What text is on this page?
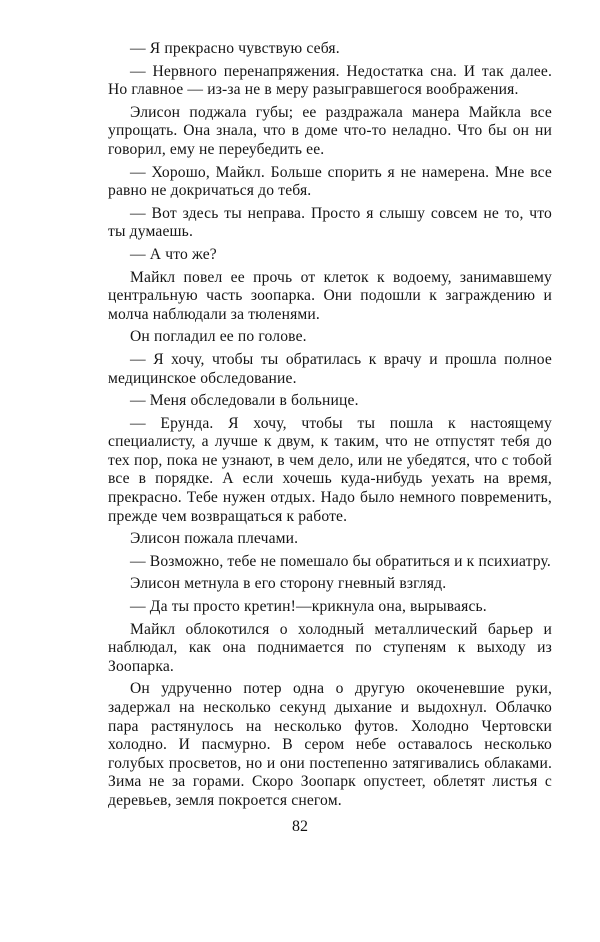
— Я прекрасно чувствую себя.

— Нервного перенапряжения. Недостатка сна. И так далее. Но главное — из-за не в меру разыгравшегося воображения.

Элисон поджала губы; ее раздражала манера Майкла все упрощать. Она знала, что в доме что-то неладно. Что бы он ни говорил, ему не переубедить ее.

— Хорошо, Майкл. Больше спорить я не намерена. Мне все равно не докричаться до тебя.

— Вот здесь ты неправа. Просто я слышу совсем не то, что ты думаешь.

— А что же?

Майкл повел ее прочь от клеток к водоему, занимавшему центральную часть зоопарка. Они подошли к заграждению и молча наблюдали за тюленями.

Он погладил ее по голове.

— Я хочу, чтобы ты обратилась к врачу и прошла полное медицинское обследование.

— Меня обследовали в больнице.

— Ерунда. Я хочу, чтобы ты пошла к настоящему специалисту, а лучше к двум, к таким, что не отпустят тебя до тех пор, пока не узнают, в чем дело, или не убедятся, что с тобой все в порядке. А если хочешь куда-нибудь уехать на время, прекрасно. Тебе нужен отдых. Надо было немного повременить, прежде чем возвращаться к работе.

Элисон пожала плечами.

— Возможно, тебе не помешало бы обратиться и к психиатру.

Элисон метнула в его сторону гневный взгляд.

— Да ты просто кретин!—крикнула она, вырываясь.

Майкл облокотился о холодный металлический барьер и наблюдал, как она поднимается по ступеням к выходу из Зоопарка.

Он удрученно потер одна о другую окоченевшие руки, задержал на несколько секунд дыхание и выдохнул. Облачко пара растянулось на несколько футов. Холодно Чертовски холодно. И пасмурно. В сером небе оставалось несколько голубых просветов, но и они постепенно затягивались облаками. Зима не за горами. Скоро Зоопарк опустеет, облетят листья с деревьев, земля покроется снегом.

82
